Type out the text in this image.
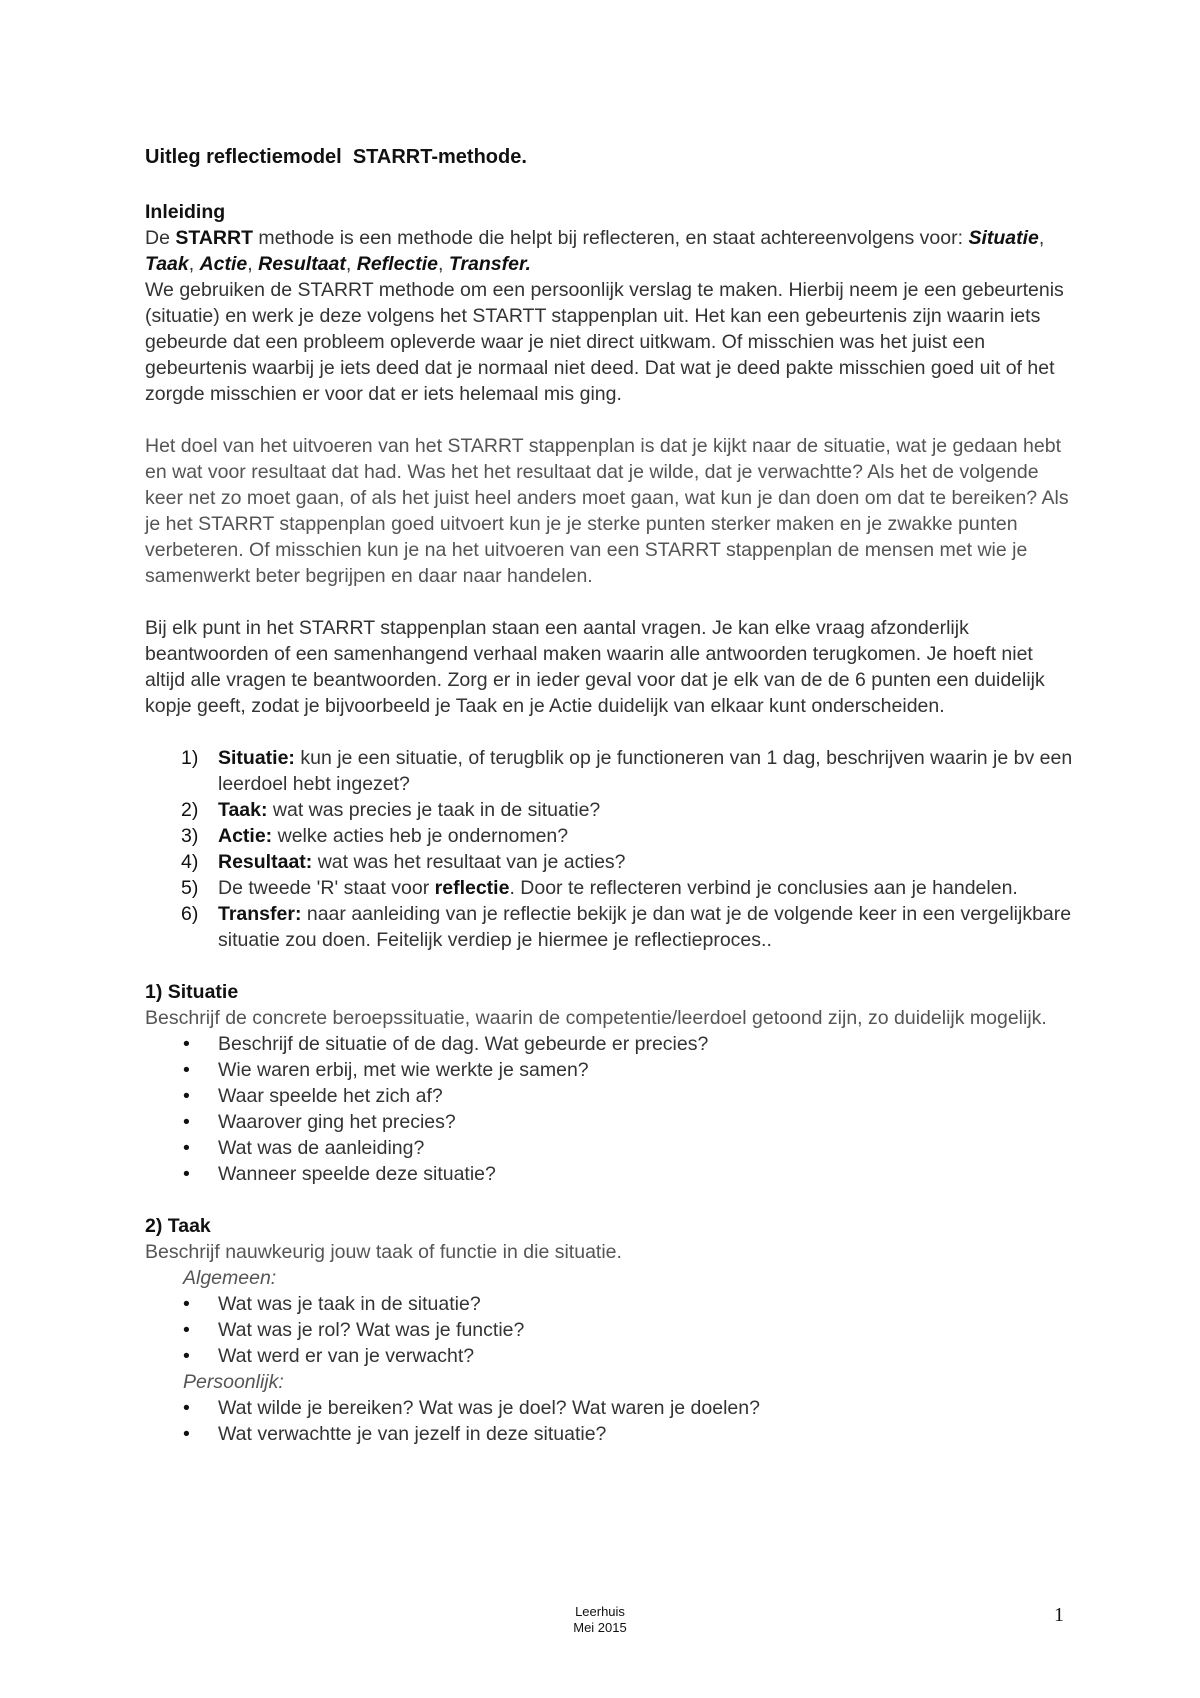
Uitleg reflectiemodel  STARRT-methode.
Inleiding

De STARRT methode is een methode die helpt bij reflecteren, en staat achtereenvolgens voor: Situatie, Taak, Actie, Resultaat, Reflectie, Transfer.

We gebruiken de STARRT methode om een persoonlijk verslag te maken. Hierbij neem je een gebeurtenis (situatie) en werk je deze volgens het STARTT stappenplan uit. Het kan een gebeurtenis zijn waarin iets gebeurde dat een probleem opleverde waar je niet direct uitkwam. Of misschien was het juist een gebeurtenis waarbij je iets deed dat je normaal niet deed. Dat wat je deed pakte misschien goed uit of het zorgde misschien er voor dat er iets helemaal mis ging.

Het doel van het uitvoeren van het STARRT stappenplan is dat je kijkt naar de situatie, wat je gedaan hebt en wat voor resultaat dat had. Was het het resultaat dat je wilde, dat je verwachtte? Als het de volgende keer net zo moet gaan, of als het juist heel anders moet gaan, wat kun je dan doen om dat te bereiken? Als je het STARRT stappenplan goed uitvoert kun je je sterke punten sterker maken en je zwakke punten verbeteren. Of misschien kun je na het uitvoeren van een STARRT stappenplan de mensen met wie je samenwerkt beter begrijpen en daar naar handelen.

Bij elk punt in het STARRT stappenplan staan een aantal vragen. Je kan elke vraag afzonderlijk beantwoorden of een samenhangend verhaal maken waarin alle antwoorden terugkomen. Je hoeft niet altijd alle vragen te beantwoorden. Zorg er in ieder geval voor dat je elk van de de 6 punten een duidelijk kopje geeft, zodat je bijvoorbeeld je Taak en je Actie duidelijk van elkaar kunt onderscheiden.

1) Situatie: kun je een situatie, of terugblik op je functioneren van 1 dag, beschrijven waarin je bv een leerdoel hebt ingezet?
2) Taak: wat was precies je taak in de situatie?
3) Actie: welke acties heb je ondernomen?
4) Resultaat: wat was het resultaat van je acties?
5) De tweede 'R' staat voor reflectie. Door te reflecteren verbind je conclusies aan je handelen.
6) Transfer: naar aanleiding van je reflectie bekijk je dan wat je de volgende keer in een vergelijkbare situatie zou doen. Feitelijk verdiep je hiermee je reflectieproces..
1) Situatie

Beschrijf de concrete beroepssituatie, waarin de competentie/leerdoel getoond zijn, zo duidelijk mogelijk.

• Beschrijf de situatie of de dag. Wat gebeurde er precies?
• Wie waren erbij, met wie werkte je samen?
• Waar speelde het zich af?
• Waarover ging het precies?
• Wat was de aanleiding?
• Wanneer speelde deze situatie?
2) Taak

Beschrijf nauwkeurig jouw taak of functie in die situatie.

Algemeen:
• Wat was je taak in de situatie?
• Wat was je rol? Wat was je functie?
• Wat werd er van je verwacht?
Persoonlijk:
• Wat wilde je bereiken? Wat was je doel? Wat waren je doelen?
• Wat verwachtte je van jezelf in deze situatie?
Leerhuis
Mei 2015
1
